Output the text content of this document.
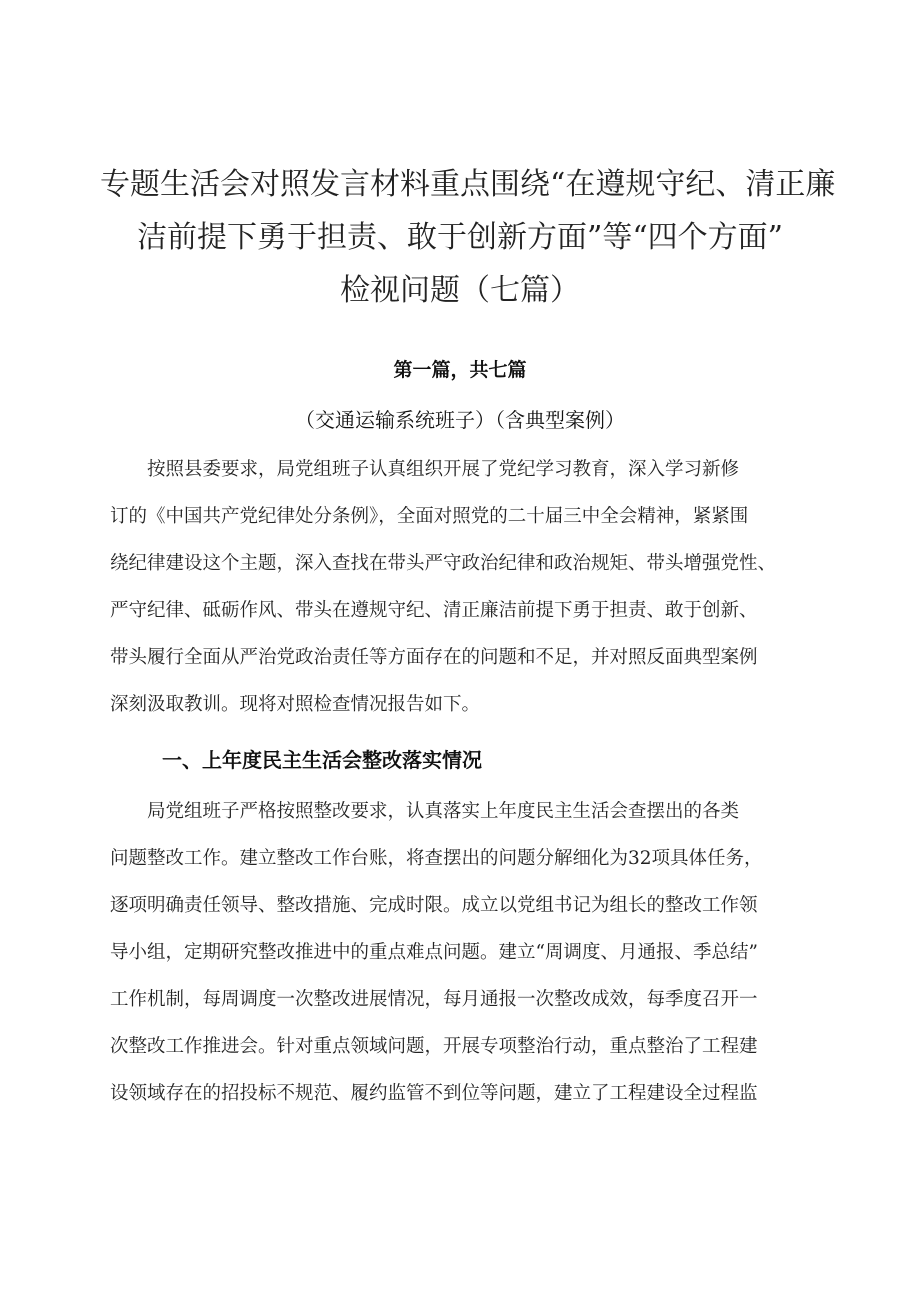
专题生活会对照发言材料重点围绕“在遵规守纪、清正廉
洁前提下勇于担责、敢于创新方面”等“四个方面”
检视问题（七篇）

第一篇，共七篇

（交通运输系统班子）（含典型案例）

　　按照县委要求，局党组班子认真组织开展了党纪学习教育，深入学习新修
订的《中国共产党纪律处分条例》，全面对照党的二十届三中全会精神，紧紧围
绕纪律建设这个主题，深入查找在带头严守政治纪律和政治规矩、带头增强党性、
严守纪律、砥砺作风、带头在遵规守纪、清正廉洁前提下勇于担责、敢于创新、
带头履行全面从严治党政治责任等方面存在的问题和不足，并对照反面典型案例
深刻汲取教训。现将对照检查情况报告如下。

一、上年度民主生活会整改落实情况

　　局党组班子严格按照整改要求，认真落实上年度民主生活会查摆出的各类
问题整改工作。建立整改工作台账，将查摆出的问题分解细化为32项具体任务，
逐项明确责任领导、整改措施、完成时限。成立以党组书记为组长的整改工作领
导小组，定期研究整改推进中的重点难点问题。建立“周调度、月通报、季总结”
工作机制，每周调度一次整改进展情况，每月通报一次整改成效，每季度召开一
次整改工作推进会。针对重点领域问题，开展专项整治行动，重点整治了工程建
设领域存在的招投标不规范、履约监管不到位等问题，建立了工程建设全过程监
